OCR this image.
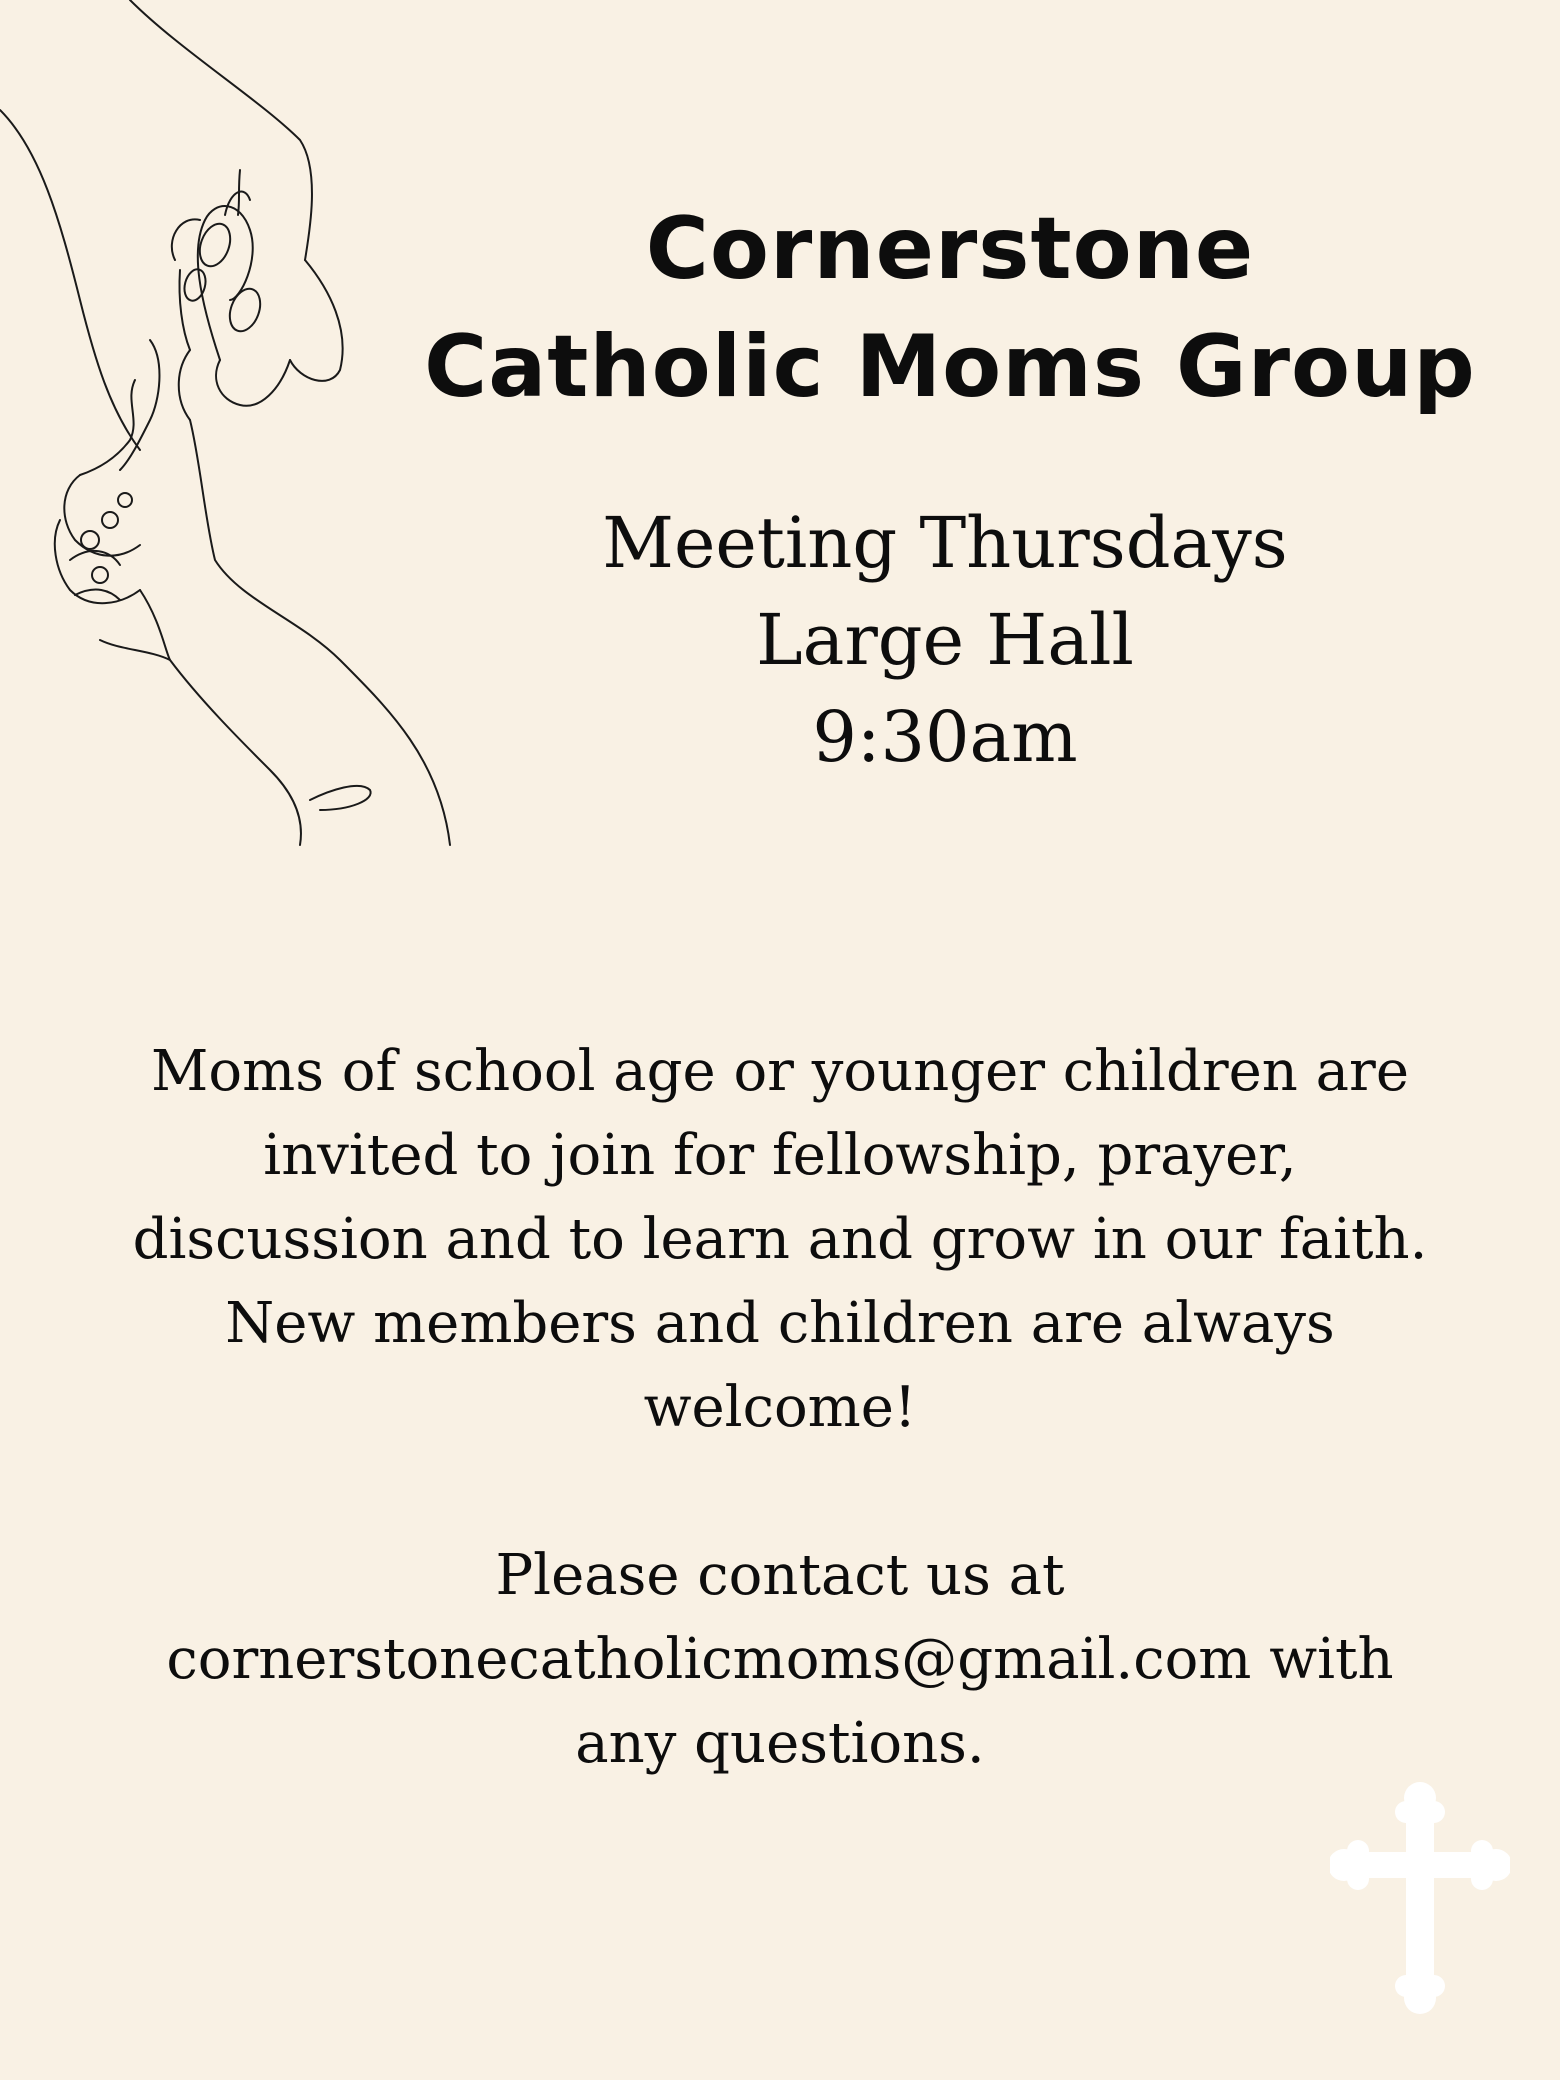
Cornerstone
Catholic Moms Group
Meeting Thursdays
Large Hall
9:30am
Moms of school age or younger children are
invited to join for fellowship, prayer,
discussion and to learn and grow in our faith.
New members and children are always
welcome!
Please contact us at
cornerstonecatholicmoms@gmail.com with
any questions.
